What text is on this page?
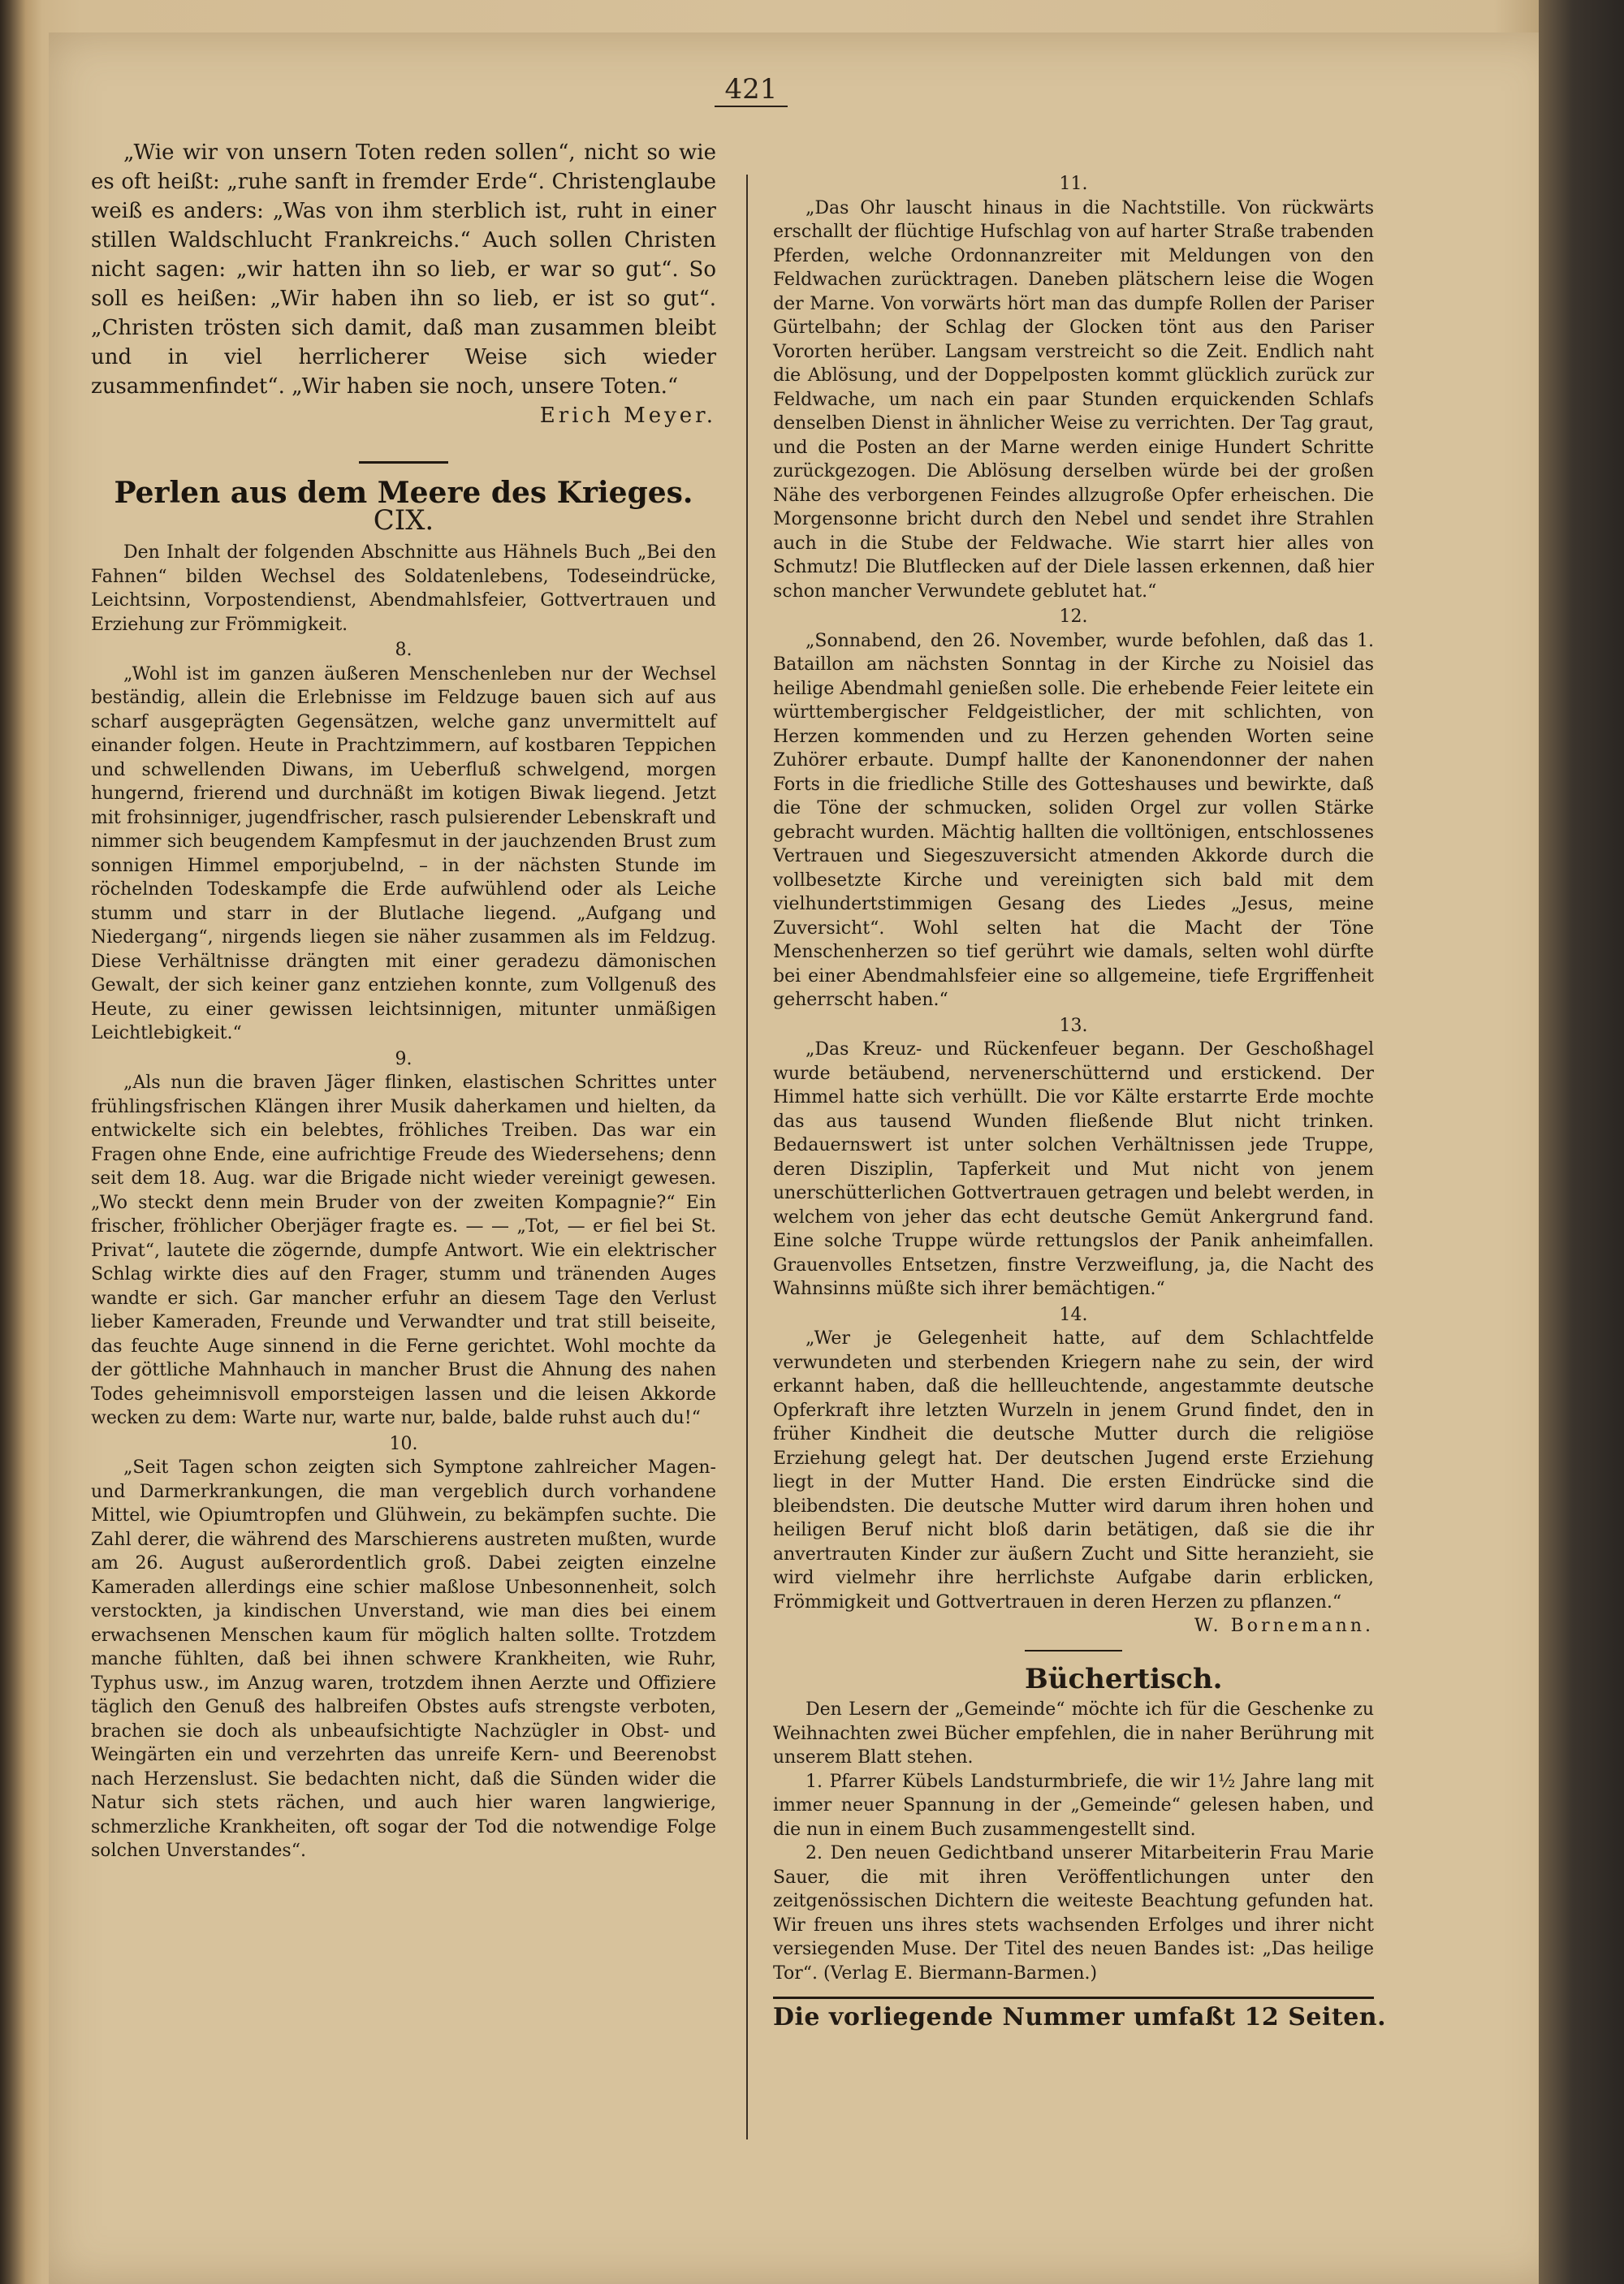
421

„Wie wir von unsern Toten reden sollen“, nicht so wie es oft heißt: „ruhe sanft in fremder Erde“. Christenglaube weiß es anders: „Was von ihm sterblich ist, ruht in einer stillen Waldschlucht Frankreichs.“ Auch sollen Christen nicht sagen: „wir hatten ihn so lieb, er war so gut“. So soll es heißen: „Wir haben ihn so lieb, er ist so gut“. „Christen trösten sich damit, daß man zusammen bleibt und in viel herrlicherer Weise sich wieder zusammenfindet“. „Wir haben sie noch, unsere Toten.“

Erich Meyer.

Perlen aus dem Meere des Krieges.
CIX.

Den Inhalt der folgenden Abschnitte aus Hähnels Buch „Bei den Fahnen“ bilden Wechsel des Soldatenlebens, Todeseindrücke, Leichtsinn, Vorpostendienst, Abendmahlsfeier, Gottvertrauen und Erziehung zur Frömmigkeit.

8.

„Wohl ist im ganzen äußeren Menschenleben nur der Wechsel beständig, allein die Erlebnisse im Feldzuge bauen sich auf aus scharf ausgeprägten Gegensätzen, welche ganz unvermittelt auf einander folgen. Heute in Prachtzimmern, auf kostbaren Teppichen und schwellenden Diwans, im Ueberfluß schwelgend, morgen hungernd, frierend und durchnäßt im kotigen Biwak liegend. Jetzt mit frohsinniger, jugendfrischer, rasch pulsierender Lebenskraft und nimmer sich beugendem Kampfesmut in der jauchzenden Brust zum sonnigen Himmel emporjubelnd, – in der nächsten Stunde im röchelnden Todeskampfe die Erde aufwühlend oder als Leiche stumm und starr in der Blutlache liegend. „Aufgang und Niedergang“, nirgends liegen sie näher zusammen als im Feldzug. Diese Verhältnisse drängten mit einer geradezu dämonischen Gewalt, der sich keiner ganz entziehen konnte, zum Vollgenuß des Heute, zu einer gewissen leichtsinnigen, mitunter unmäßigen Leichtlebigkeit.“

9.

„Als nun die braven Jäger flinken, elastischen Schrittes unter frühlingsfrischen Klängen ihrer Musik daherkamen und hielten, da entwickelte sich ein belebtes, fröhliches Treiben. Das war ein Fragen ohne Ende, eine aufrichtige Freude des Wiedersehens; denn seit dem 18. Aug. war die Brigade nicht wieder vereinigt gewesen. „Wo steckt denn mein Bruder von der zweiten Kompagnie?“ Ein frischer, fröhlicher Oberjäger fragte es. — — „Tot, — er fiel bei St. Privat“, lautete die zögernde, dumpfe Antwort. Wie ein elektrischer Schlag wirkte dies auf den Frager, stumm und tränenden Auges wandte er sich. Gar mancher erfuhr an diesem Tage den Verlust lieber Kameraden, Freunde und Verwandter und trat still beiseite, das feuchte Auge sinnend in die Ferne gerichtet. Wohl mochte da der göttliche Mahnhauch in mancher Brust die Ahnung des nahen Todes geheimnisvoll emporsteigen lassen und die leisen Akkorde wecken zu dem: Warte nur, warte nur, balde, balde ruhst auch du!“

10.

„Seit Tagen schon zeigten sich Symptone zahlreicher Magen- und Darmerkrankungen, die man vergeblich durch vorhandene Mittel, wie Opiumtropfen und Glühwein, zu bekämpfen suchte. Die Zahl derer, die während des Marschierens austreten mußten, wurde am 26. August außerordentlich groß. Dabei zeigten einzelne Kameraden allerdings eine schier maßlose Unbesonnenheit, solch verstockten, ja kindischen Unverstand, wie man dies bei einem erwachsenen Menschen kaum für möglich halten sollte. Trotzdem manche fühlten, daß bei ihnen schwere Krankheiten, wie Ruhr, Typhus usw., im Anzug waren, trotzdem ihnen Aerzte und Offiziere täglich den Genuß des halbreifen Obstes aufs strengste verboten, brachen sie doch als unbeaufsichtigte Nachzügler in Obst- und Weingärten ein und verzehrten das unreife Kern- und Beerenobst nach Herzenslust. Sie bedachten nicht, daß die Sünden wider die Natur sich stets rächen, und auch hier waren langwierige, schmerzliche Krankheiten, oft sogar der Tod die notwendige Folge solchen Unverstandes“.

11.

„Das Ohr lauscht hinaus in die Nachtstille. Von rückwärts erschallt der flüchtige Hufschlag von auf harter Straße trabenden Pferden, welche Ordonnanzreiter mit Meldungen von den Feldwachen zurücktragen. Daneben plätschern leise die Wogen der Marne. Von vorwärts hört man das dumpfe Rollen der Pariser Gürtelbahn; der Schlag der Glocken tönt aus den Pariser Vororten herüber. Langsam verstreicht so die Zeit. Endlich naht die Ablösung, und der Doppelposten kommt glücklich zurück zur Feldwache, um nach ein paar Stunden erquickenden Schlafs denselben Dienst in ähnlicher Weise zu verrichten. Der Tag graut, und die Posten an der Marne werden einige Hundert Schritte zurückgezogen. Die Ablösung derselben würde bei der großen Nähe des verborgenen Feindes allzugroße Opfer erheischen. Die Morgensonne bricht durch den Nebel und sendet ihre Strahlen auch in die Stube der Feldwache. Wie starrt hier alles von Schmutz! Die Blutflecken auf der Diele lassen erkennen, daß hier schon mancher Verwundete geblutet hat.“

12.

„Sonnabend, den 26. November, wurde befohlen, daß das 1. Bataillon am nächsten Sonntag in der Kirche zu Noisiel das heilige Abendmahl genießen solle. Die erhebende Feier leitete ein württembergischer Feldgeistlicher, der mit schlichten, von Herzen kommenden und zu Herzen gehenden Worten seine Zuhörer erbaute. Dumpf hallte der Kanonendonner der nahen Forts in die friedliche Stille des Gotteshauses und bewirkte, daß die Töne der schmucken, soliden Orgel zur vollen Stärke gebracht wurden. Mächtig hallten die volltönigen, entschlossenes Vertrauen und Siegeszuversicht atmenden Akkorde durch die vollbesetzte Kirche und vereinigten sich bald mit dem vielhundertstimmigen Gesang des Liedes „Jesus, meine Zuversicht“. Wohl selten hat die Macht der Töne Menschenherzen so tief gerührt wie damals, selten wohl dürfte bei einer Abendmahlsfeier eine so allgemeine, tiefe Ergriffenheit geherrscht haben.“

13.

„Das Kreuz- und Rückenfeuer begann. Der Geschoßhagel wurde betäubend, nervenerschütternd und erstickend. Der Himmel hatte sich verhüllt. Die vor Kälte erstarrte Erde mochte das aus tausend Wunden fließende Blut nicht trinken. Bedauernswert ist unter solchen Verhältnissen jede Truppe, deren Disziplin, Tapferkeit und Mut nicht von jenem unerschütterlichen Gottvertrauen getragen und belebt werden, in welchem von jeher das echt deutsche Gemüt Ankergrund fand. Eine solche Truppe würde rettungslos der Panik anheimfallen. Grauenvolles Entsetzen, finstre Verzweiflung, ja, die Nacht des Wahnsinns müßte sich ihrer bemächtigen.“

14.

„Wer je Gelegenheit hatte, auf dem Schlachtfelde verwundeten und sterbenden Kriegern nahe zu sein, der wird erkannt haben, daß die hellleuchtende, angestammte deutsche Opferkraft ihre letzten Wurzeln in jenem Grund findet, den in früher Kindheit die deutsche Mutter durch die religiöse Erziehung gelegt hat. Der deutschen Jugend erste Erziehung liegt in der Mutter Hand. Die ersten Eindrücke sind die bleibendsten. Die deutsche Mutter wird darum ihren hohen und heiligen Beruf nicht bloß darin betätigen, daß sie die ihr anvertrauten Kinder zur äußern Zucht und Sitte heranzieht, sie wird vielmehr ihre herrlichste Aufgabe darin erblicken, Frömmigkeit und Gottvertrauen in deren Herzen zu pflanzen.“

W. Bornemann.

Büchertisch.

Den Lesern der „Gemeinde“ möchte ich für die Geschenke zu Weihnachten zwei Bücher empfehlen, die in naher Berührung mit unserem Blatt stehen.

1. Pfarrer Kübels Landsturmbriefe, die wir 1½ Jahre lang mit immer neuer Spannung in der „Gemeinde“ gelesen haben, und die nun in einem Buch zusammengestellt sind.

2. Den neuen Gedichtband unserer Mitarbeiterin Frau Marie Sauer, die mit ihren Veröffentlichungen unter den zeitgenössischen Dichtern die weiteste Beachtung gefunden hat. Wir freuen uns ihres stets wachsenden Erfolges und ihrer nicht versiegenden Muse. Der Titel des neuen Bandes ist: „Das heilige Tor“. (Verlag E. Biermann-Barmen.)

Die vorliegende Nummer umfaßt 12 Seiten.
